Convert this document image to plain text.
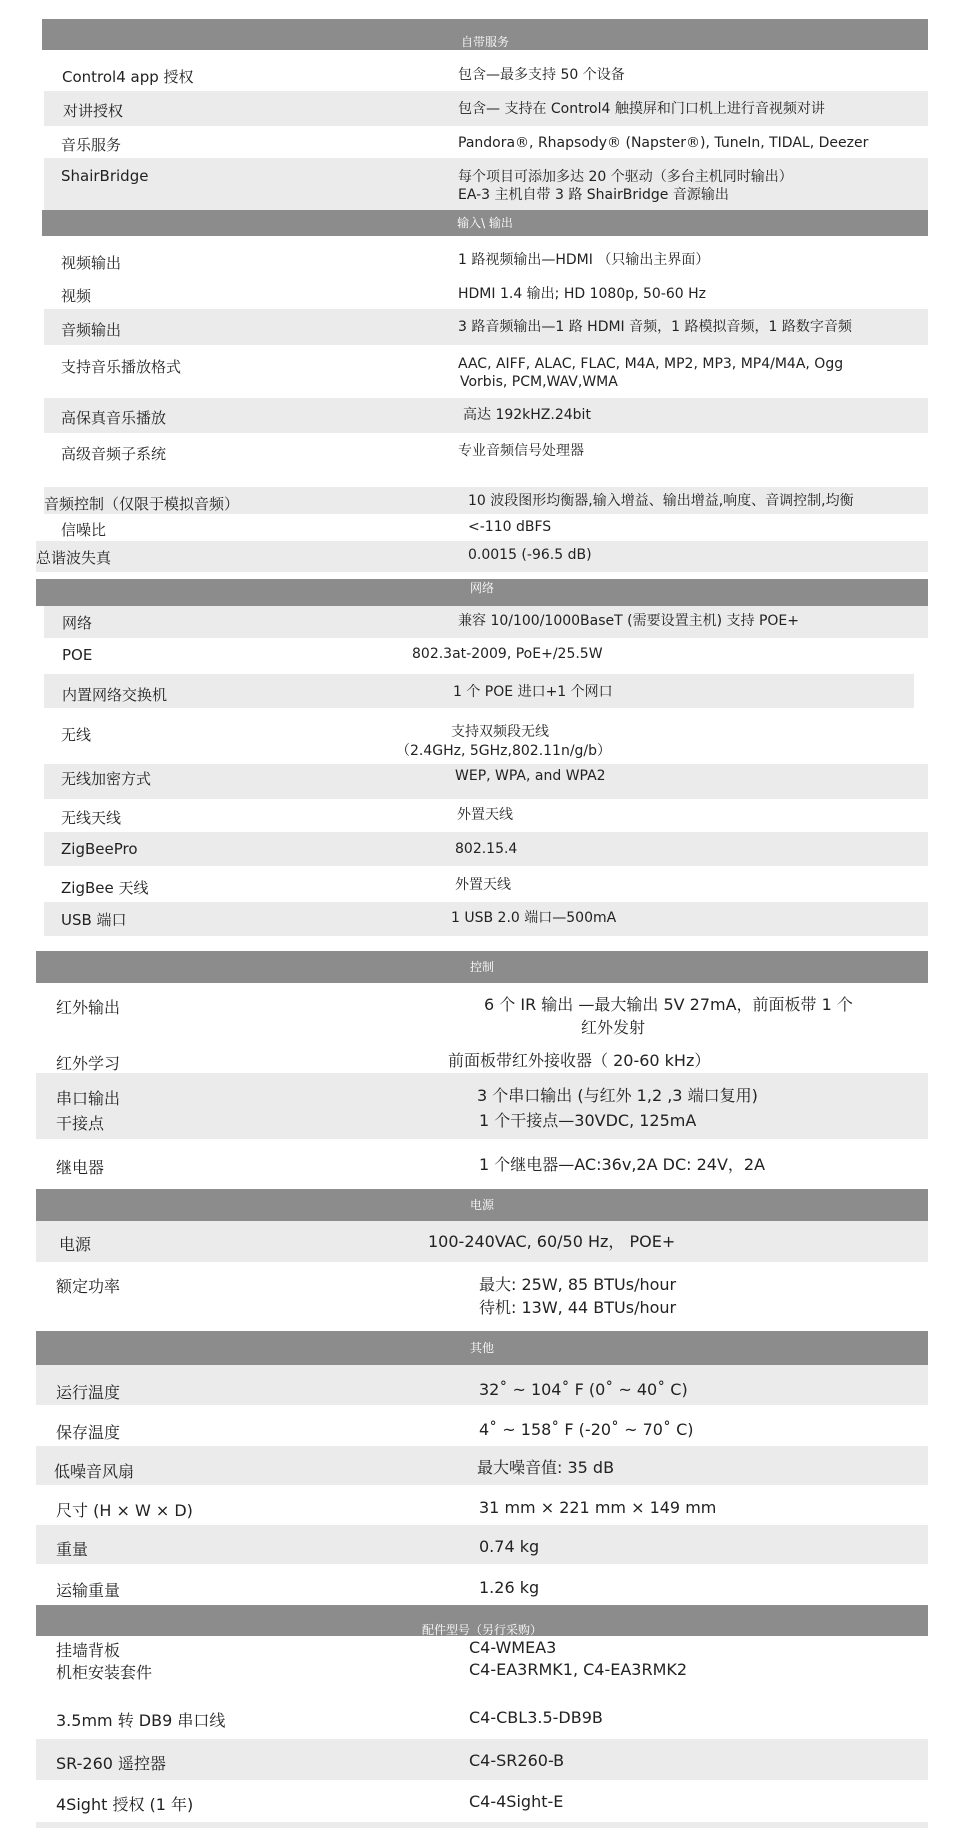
自带服务
Control4 app 授权	包含—最多支持 50 个设备
对讲授权	包含— 支持在 Control4 触摸屏和门口机上进行音视频对讲
音乐服务	Pandora®, Rhapsody® (Napster®), TuneIn, TIDAL, Deezer
ShairBridge	每个项目可添加多达 20 个驱动（多台主机同时输出）
EA-3 主机自带 3 路 ShairBridge 音源输出
输入\ 输出
视频输出	1 路视频输出—HDMI （只输出主界面）
视频	HDMI 1.4 输出; HD 1080p, 50-60 Hz
音频输出	3 路音频输出—1 路 HDMI 音频，1 路模拟音频，1 路数字音频
支持音乐播放格式	AAC, AIFF, ALAC, FLAC, M4A, MP2, MP3, MP4/M4A, Ogg
Vorbis, PCM,WAV,WMA
高保真音乐播放	高达 192kHZ.24bit
高级音频子系统	专业音频信号处理器
音频控制（仅限于模拟音频）	10 波段图形均衡器,输入增益、输出增益,响度、音调控制,均衡
信噪比	<-110 dBFS
总谐波失真	0.0015 (-96.5 dB)
网络
网络	兼容 10/100/1000BaseT (需要设置主机) 支持 POE+
POE	802.3at-2009, PoE+/25.5W
内置网络交换机	1 个 POE 进口+1 个网口
无线	支持双频段无线
（2.4GHz, 5GHz,802.11n/g/b）
无线加密方式	WEP, WPA, and WPA2
无线天线	外置天线
ZigBeePro	802.15.4
ZigBee 天线	外置天线
USB 端口	1 USB 2.0 端口—500mA
控制
红外输出	6 个 IR 输出 —最大输出 5V 27mA，前面板带 1 个
红外发射
红外学习	前面板带红外接收器（ 20-60 kHz）
串口输出	3 个串口输出 (与红外 1,2 ,3 端口复用)
干接点	1 个干接点—30VDC, 125mA
继电器	1 个继电器—AC:36v,2A DC: 24V，2A
电源
电源	100-240VAC, 60/50 Hz， POE+
额定功率	最大: 25W, 85 BTUs/hour
待机: 13W, 44 BTUs/hour
其他
运行温度	32˚ ~ 104˚ F (0˚ ~ 40˚ C)
保存温度	4˚ ~ 158˚ F (-20˚ ~ 70˚ C)
低噪音风扇	最大噪音值: 35 dB
尺寸 (H × W × D)	31 mm × 221 mm × 149 mm
重量	0.74 kg
运输重量	1.26 kg
配件型号（另行采购）
挂墙背板	C4-WMEA3
机柜安装套件	C4-EA3RMK1, C4-EA3RMK2
3.5mm 转 DB9 串口线	C4-CBL3.5-DB9B
SR-260 遥控器	C4-SR260-B
4Sight 授权 (1 年)	C4-4Sight-E
